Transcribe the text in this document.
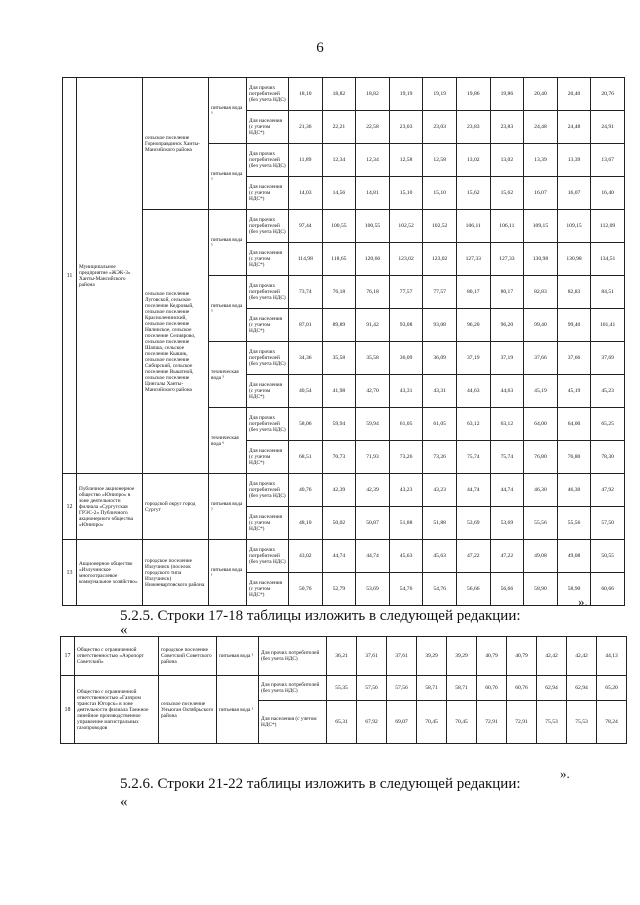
6
11	Муниципальное предприятие «ЖЭК-3» Ханты-Мансийского района	сельское поселение Горноправдинск Ханты-Мансийского района	питьевая вода ³	Для прочих потребителей (без учета НДС)	18,10	18,82	18,82	19,19	19,19	19,86	19,86	20,40	20,40	20,76
				Для населения (с учетом НДС*)	21,36	22,21	22,58	23,03	23,03	23,83	23,83	24,48	24,48	24,91
			питьевая вода ³	Для прочих потребителей (без учета НДС)	11,89	12,34	12,34	12,58	12,58	13,02	13,02	13,39	13,39	13,67
				Для населения (с учетом НДС*)	14,03	14,56	14,81	15,10	15,10	15,62	15,62	16,07	16,07	16,40
		сельское поселение Луговской, сельское поселение Кедровый, сельское поселение Красноленинский, сельское поселение Нялинское, сельское поселение Селиярово, сельское поселение Шапша, сельское поселение Кышик, сельское поселение Сибирский, сельское поселение Выкатной, сельское поселение Цингалы Ханты-Мансийского района	питьевая вода ⁵	Для прочих потребителей (без учета НДС)	97,44	100,55	100,55	102,52	102,52	106,11	106,11	109,15	109,15	112,09
				Для населения (с учетом НДС*)	114,98	118,65	120,66	123,02	123,02	127,33	127,33	130,98	130,98	134,51
			питьевая вода ⁵	Для прочих потребителей (без учета НДС)	73,74	76,18	76,18	77,57	77,57	80,17	80,17	82,83	82,83	84,51
				Для населения (с учетом НДС*)	87,01	89,89	91,42	93,08	93,08	96,20	96,20	99,40	99,40	101,41
			техническая вода ⁵	Для прочих потребителей (без учета НДС)	34,36	35,58	35,58	36,09	36,09	37,19	37,19	37,66	37,66	37,69
				Для населения (с учетом НДС*)	40,54	41,98	42,70	43,31	43,31	44,63	44,63	45,19	45,19	45,23
			техническая вода ⁶	Для прочих потребителей (без учета НДС)	58,06	59,94	59,94	61,05	61,05	63,12	63,12	64,00	64,00	65,25
				Для населения (с учетом НДС*)	68,51	70,73	71,93	73,26	73,26	75,74	75,74	76,80	76,80	78,30
12	Публичное акционерное общество «Юнипро» в зоне деятельности филиала «Сургутская ГРЭС-2» Публичного акционерного общества «Юнипро»	городской округ город Сургут	питьевая вода ³	Для прочих потребителей (без учета НДС)	40,76	42,39	42,39	43,23	43,23	44,74	44,74	46,30	46,30	47,92
				Для населения (с учетом НДС*)	48,10	50,02	50,87	51,88	51,88	53,69	53,69	55,56	55,56	57,50
13	Акционерное общество «Излучинское многоотраслевое коммунальное хозяйство»	городское поселение Излучинск (поселок городского типа Излучинск) Нижневартовского района	питьевая вода ¹	Для прочих потребителей (без учета НДС)	43,02	44,74	44,74	45,63	45,63	47,22	47,22	49,08	49,08	50,55
				Для населения (с учетом НДС*)	50,76	52,79	53,69	54,76	54,76	56,66	56,66	58,90	58,90	60,66
».
5.2.5. Строки 17-18 таблицы изложить в следующей редакции:
«
17	Общество с ограниченной ответственностью «Аэропорт Советский»	городское поселение Советский Советского района	питьевая вода ¹	Для прочих потребителей (без учета НДС)	36,21	37,61	37,61	39,29	39,29	40,79	40,79	42,42	42,42	44,13
18	Общество с ограниченной ответственностью «Газпром трансгаз Югорск» в зоне деятельности филиала Таежное линейное производственное управление магистральных газопроводов	сельское поселение Унъюган Октябрьского района	питьевая вода ¹	Для прочих потребителей (без учета НДС)	55,35	57,56	57,56	58,71	58,71	60,76	60,76	62,94	62,94	65,20
				Для населения (с учетом НДС*)	65,31	67,92	69,07	70,45	70,45	72,91	72,91	75,53	75,53	78,24
».
5.2.6. Строки 21-22 таблицы изложить в следующей редакции:
«
